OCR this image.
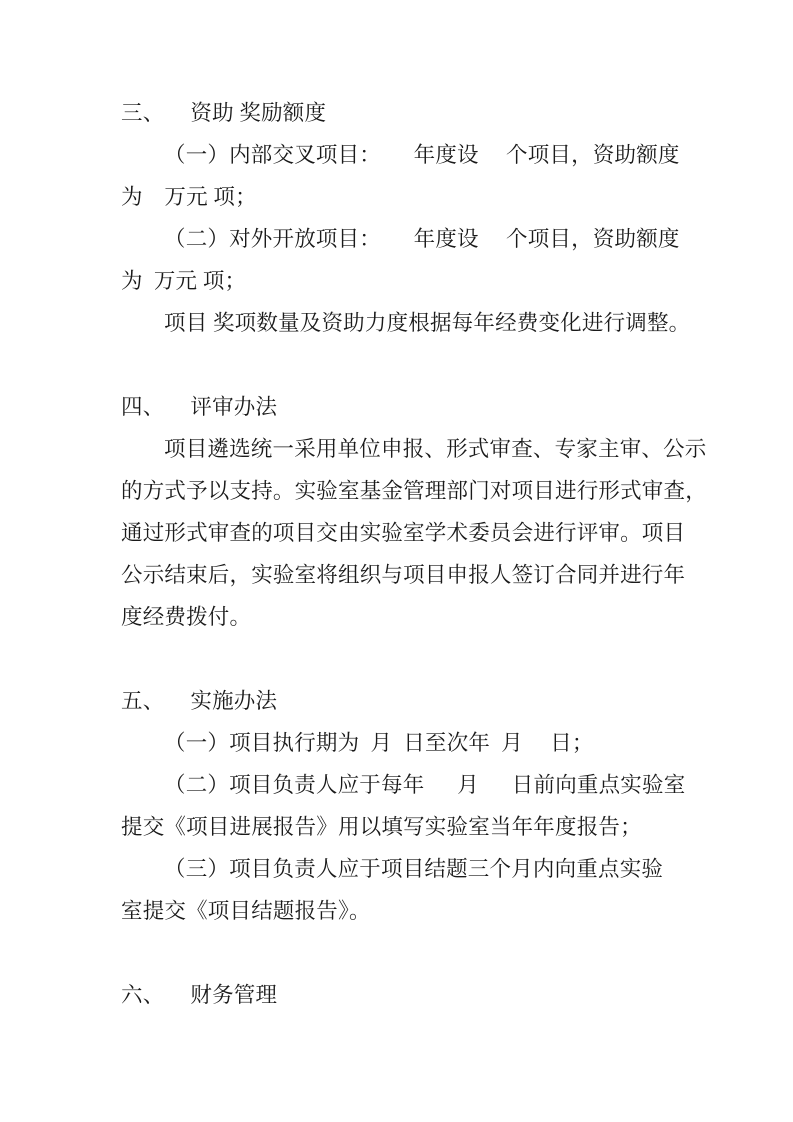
三、 资助 奖励额度
（一）内部交叉项目：　　年度设　 个项目，资助额度
为　万元 项；
（二）对外开放项目：　　年度设　 个项目，资助额度
为  万元 项；
项目 奖项数量及资助力度根据每年经费变化进行调整。
四、 评审办法
项目遴选统一采用单位申报、形式审查、专家主审、公示
的方式予以支持。实验室基金管理部门对项目进行形式审查，
通过形式审查的项目交由实验室学术委员会进行评审。项目
公示结束后，实验室将组织与项目申报人签订合同并进行年
度经费拨付。
五、 实施办法
（一）项目执行期为  月  日至次年  月　 日；
（二）项目负责人应于每年　  月　  日前向重点实验室
提交《项目进展报告》用以填写实验室当年年度报告；
（三）项目负责人应于项目结题三个月内向重点实验
室提交《项目结题报告》。
六、 财务管理
